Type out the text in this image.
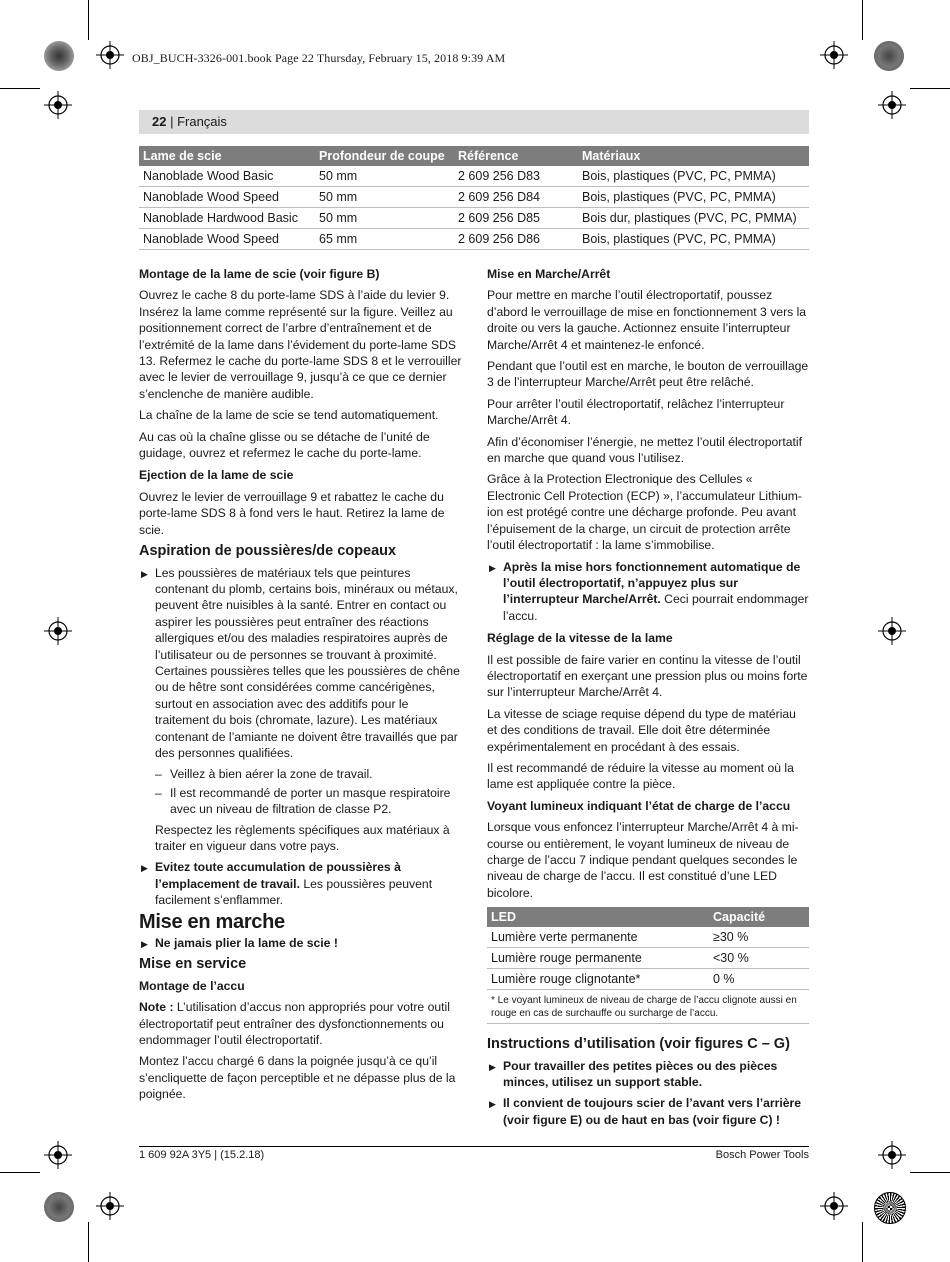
OBJ_BUCH-3326-001.book Page 22 Thursday, February 15, 2018 9:39 AM
22 | Français
Lame de scie	Profondeur de coupe	Référence	Matériaux
Nanoblade Wood Basic	50 mm	2 609 256 D83	Bois, plastiques (PVC, PC, PMMA)
Nanoblade Wood Speed	50 mm	2 609 256 D84	Bois, plastiques (PVC, PC, PMMA)
Nanoblade Hardwood Basic	50 mm	2 609 256 D85	Bois dur, plastiques (PVC, PC, PMMA)
Nanoblade Wood Speed	65 mm	2 609 256 D86	Bois, plastiques (PVC, PC, PMMA)

Montage de la lame de scie (voir figure B)

Ouvrez le cache 8 du porte-lame SDS à l’aide du levier 9. Insérez la lame comme représenté sur la figure. Veillez au positionnement correct de l’arbre d’entraînement et de l’extrémité de la lame dans l’évidement du porte-lame SDS 13. Refermez le cache du porte-lame SDS 8 et le verrouiller avec le levier de verrouillage 9, jusqu’à ce que ce dernier s’enclenche de manière audible.

La chaîne de la lame de scie se tend automatiquement.

Au cas où la chaîne glisse ou se détache de l’unité de guidage, ouvrez et refermez le cache du porte-lame.

Ejection de la lame de scie

Ouvrez le levier de verrouillage 9 et rabattez le cache du porte-lame SDS 8 à fond vers le haut. Retirez la lame de scie.

Aspiration de poussières/de copeaux

▶ Les poussières de matériaux tels que peintures contenant du plomb, certains bois, minéraux ou métaux, peuvent être nuisibles à la santé. Entrer en contact ou aspirer les poussières peut entraîner des réactions allergiques et/ou des maladies respiratoires auprès de l’utilisateur ou de personnes se trouvant à proximité.

Certaines poussières telles que les poussières de chêne ou de hêtre sont considérées comme cancérigènes, surtout en association avec des additifs pour le traitement du bois (chromate, lazure). Les matériaux contenant de l’amiante ne doivent être travaillés que par des personnes qualifiées.

– Veillez à bien aérer la zone de travail.
– Il est recommandé de porter un masque respiratoire avec un niveau de filtration de classe P2.

Respectez les règlements spécifiques aux matériaux à traiter en vigueur dans votre pays.

▶ Evitez toute accumulation de poussières à l’emplacement de travail. Les poussières peuvent facilement s’enflammer.

Mise en marche

▶ Ne jamais plier la lame de scie !

Mise en service

Montage de l’accu

Note : L’utilisation d’accus non appropriés pour votre outil électroportatif peut entraîner des dysfonctionnements ou endommager l’outil électroportatif.

Montez l’accu chargé 6 dans la poignée jusqu’à ce qu’il s’encliquette de façon perceptible et ne dépasse plus de la poignée.

Mise en Marche/Arrêt

Pour mettre en marche l’outil électroportatif, poussez d’abord le verrouillage de mise en fonctionnement 3 vers la droite ou vers la gauche. Actionnez ensuite l’interrupteur Marche/Arrêt 4 et maintenez-le enfoncé.

Pendant que l’outil est en marche, le bouton de verrouillage 3 de l’interrupteur Marche/Arrêt peut être relâché.

Pour arrêter l’outil électroportatif, relâchez l’interrupteur Marche/Arrêt 4.

Afin d’économiser l’énergie, ne mettez l’outil électroportatif en marche que quand vous l’utilisez.

Grâce à la Protection Electronique des Cellules « Electronic Cell Protection (ECP) », l’accumulateur Lithium-ion est protégé contre une décharge profonde. Peu avant l’épuisement de la charge, un circuit de protection arrête l’outil électroportatif : la lame s’immobilise.

▶ Après la mise hors fonctionnement automatique de l’outil électroportatif, n’appuyez plus sur l’interrupteur Marche/Arrêt. Ceci pourrait endommager l’accu.

Réglage de la vitesse de la lame

Il est possible de faire varier en continu la vitesse de l’outil électroportatif en exerçant une pression plus ou moins forte sur l’interrupteur Marche/Arrêt 4.

La vitesse de sciage requise dépend du type de matériau et des conditions de travail. Elle doit être déterminée expérimentalement en procédant à des essais.

Il est recommandé de réduire la vitesse au moment où la lame est appliquée contre la pièce.

Voyant lumineux indiquant l’état de charge de l’accu

Lorsque vous enfoncez l’interrupteur Marche/Arrêt 4 à mi-course ou entièrement, le voyant lumineux de niveau de charge de l’accu 7 indique pendant quelques secondes le niveau de charge de l’accu. Il est constitué d’une LED bicolore.

LED	Capacité
Lumière verte permanente	≥30 %
Lumière rouge permanente	<30 %
Lumière rouge clignotante*	0 %
* Le voyant lumineux de niveau de charge de l’accu clignote aussi en rouge en cas de surchauffe ou surcharge de l’accu.

Instructions d’utilisation (voir figures C – G)

▶ Pour travailler des petites pièces ou des pièces minces, utilisez un support stable.
▶ Il convient de toujours scier de l’avant vers l’arrière (voir figure E) ou de haut en bas (voir figure C) !
1 609 92A 3Y5 | (15.2.18)	Bosch Power Tools
